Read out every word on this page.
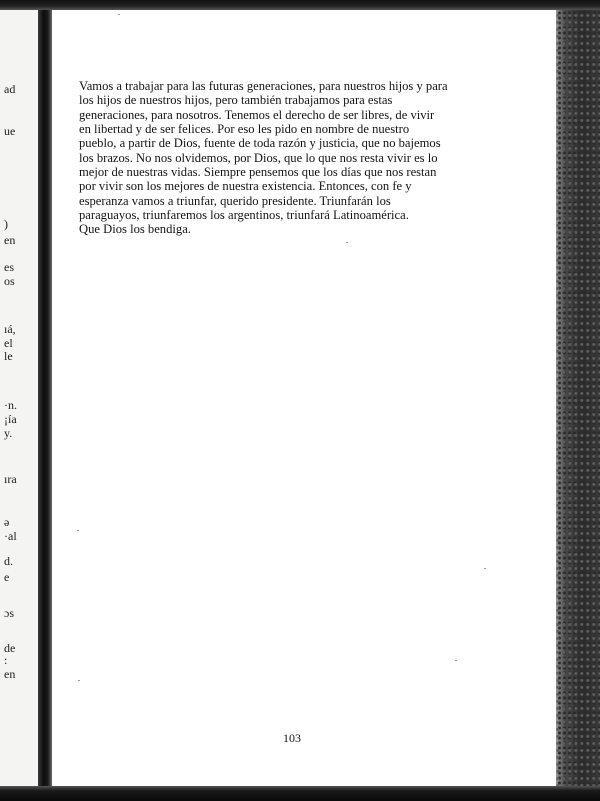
ad
ue
)
en
es
os
ıá,
el
le
·n.
¡ía
y.
ıra
ə
·al
d.
e
ɔs
de
:
en
Vamos a trabajar para las futuras generaciones, para nuestros hijos y para
los hijos de nuestros hijos, pero también trabajamos para estas
generaciones, para nosotros. Tenemos el derecho de ser libres, de vivir
en libertad y de ser felices. Por eso les pido en nombre de nuestro
pueblo, a partir de Dios, fuente de toda razón y justicia, que no bajemos
los brazos. No nos olvidemos, por Dios, que lo que nos resta vivir es lo
mejor de nuestras vidas. Siempre pensemos que los días que nos restan
por vivir son los mejores de nuestra existencia. Entonces, con fe y
esperanza vamos a triunfar, querido presidente. Triunfarán los
paraguayos, triunfaremos los argentinos, triunfará Latinoamérica.
Que Dios los bendiga.
103
